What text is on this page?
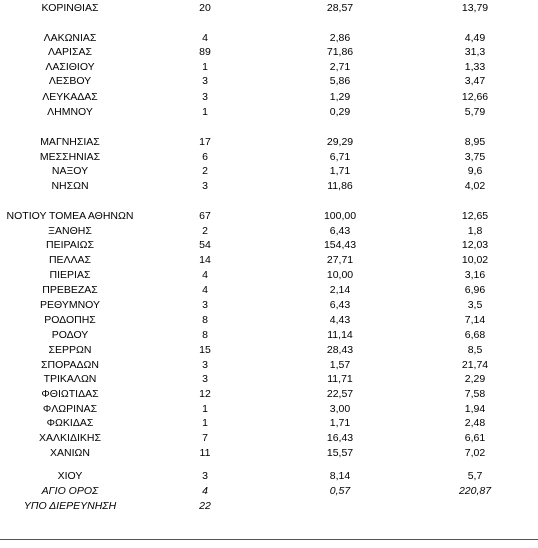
ΚΟΡΙΝΘΙΑΣ	20	28,57	13,79
ΛΑΚΩΝΙΑΣ	4	2,86	4,49
ΛΑΡΙΣΑΣ	89	71,86	31,3
ΛΑΣΙΘΙΟΥ	1	2,71	1,33
ΛΕΣΒΟΥ	3	5,86	3,47
ΛΕΥΚΑΔΑΣ	3	1,29	12,66
ΛΗΜΝΟΥ	1	0,29	5,79
ΜΑΓΝΗΣΙΑΣ	17	29,29	8,95
ΜΕΣΣΗΝΙΑΣ	6	6,71	3,75
ΝΑΞΟΥ	2	1,71	9,6
ΝΗΣΩΝ	3	11,86	4,02
ΝΟΤΙΟΥ ΤΟΜΕΑ ΑΘΗΝΩΝ	67	100,00	12,65
ΞΑΝΘΗΣ	2	6,43	1,8
ΠΕΙΡΑΙΩΣ	54	154,43	12,03
ΠΕΛΛΑΣ	14	27,71	10,02
ΠΙΕΡΙΑΣ	4	10,00	3,16
ΠΡΕΒΕΖΑΣ	4	2,14	6,96
ΡΕΘΥΜΝΟΥ	3	6,43	3,5
ΡΟΔΟΠΗΣ	8	4,43	7,14
ΡΟΔΟΥ	8	11,14	6,68
ΣΕΡΡΩΝ	15	28,43	8,5
ΣΠΟΡΑΔΩΝ	3	1,57	21,74
ΤΡΙΚΑΛΩΝ	3	11,71	2,29
ΦΘΙΩΤΙΔΑΣ	12	22,57	7,58
ΦΛΩΡΙΝΑΣ	1	3,00	1,94
ΦΩΚΙΔΑΣ	1	1,71	2,48
ΧΑΛΚΙΔΙΚΗΣ	7	16,43	6,61
ΧΑΝΙΩΝ	11	15,57	7,02
ΧΙΟΥ	3	8,14	5,7
ΑΓΙΟ ΟΡΟΣ	4	0,57	220,87
ΥΠΟ ΔΙΕΡΕΥΝΗΣΗ	22
